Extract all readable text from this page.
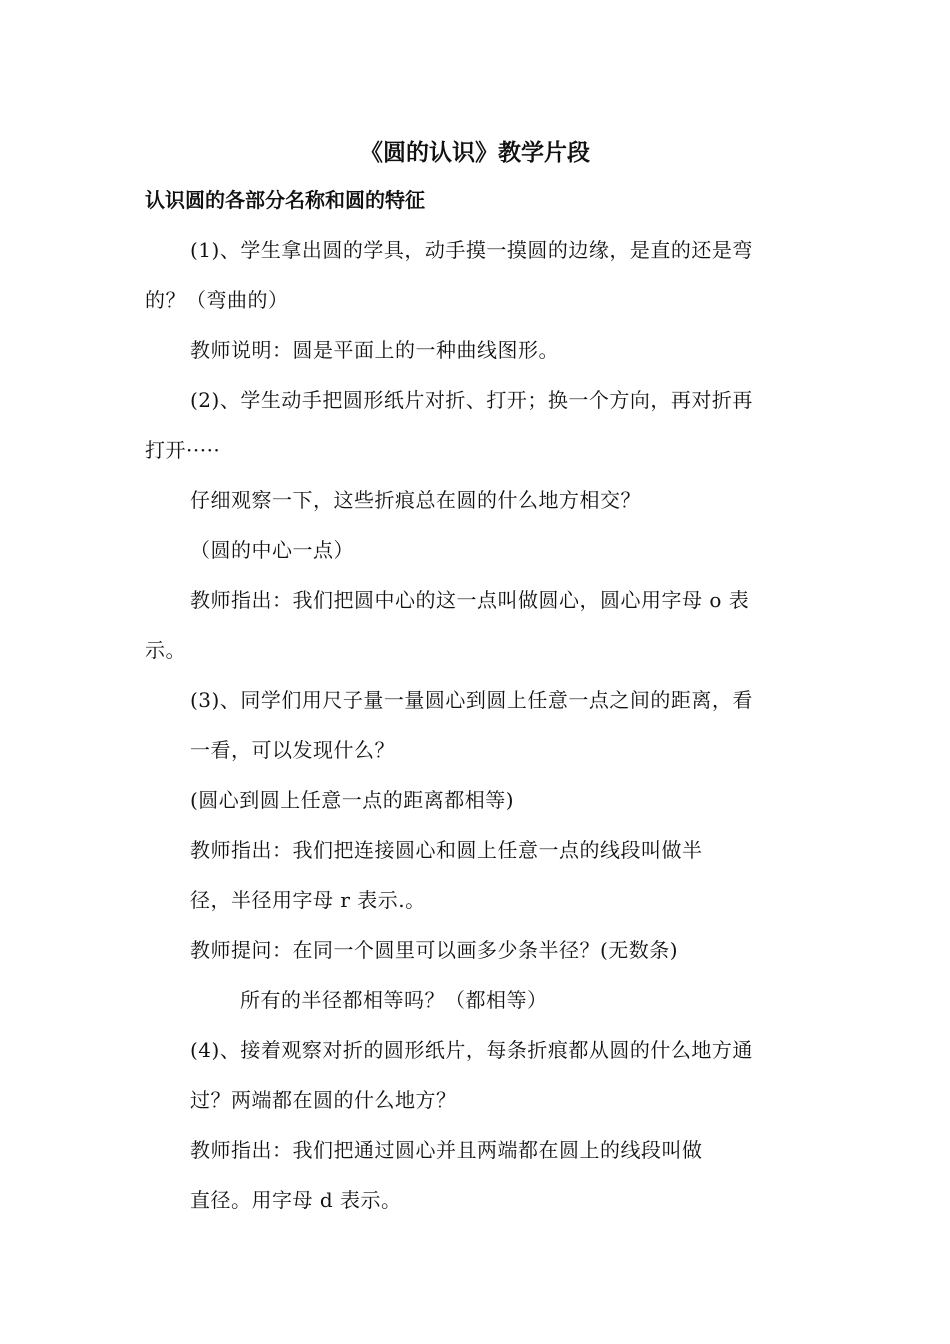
《圆的认识》教学片段
认识圆的各部分名称和圆的特征
(1)、学生拿出圆的学具，动手摸一摸圆的边缘，是直的还是弯
的？（弯曲的）
教师说明：圆是平面上的一种曲线图形。
(2)、学生动手把圆形纸片对折、打开；换一个方向，再对折再
打开·····
仔细观察一下，这些折痕总在圆的什么地方相交？
（圆的中心一点）
教师指出：我们把圆中心的这一点叫做圆心，圆心用字母 o 表
示。
(3)、同学们用尺子量一量圆心到圆上任意一点之间的距离，看
一看，可以发现什么？
(圆心到圆上任意一点的距离都相等)
教师指出：我们把连接圆心和圆上任意一点的线段叫做半
径，半径用字母 r 表示.。
教师提问：在同一个圆里可以画多少条半径？(无数条)
所有的半径都相等吗？（都相等）
(4)、接着观察对折的圆形纸片，每条折痕都从圆的什么地方通
过？两端都在圆的什么地方？
教师指出：我们把通过圆心并且两端都在圆上的线段叫做
直径。用字母 d 表示。
